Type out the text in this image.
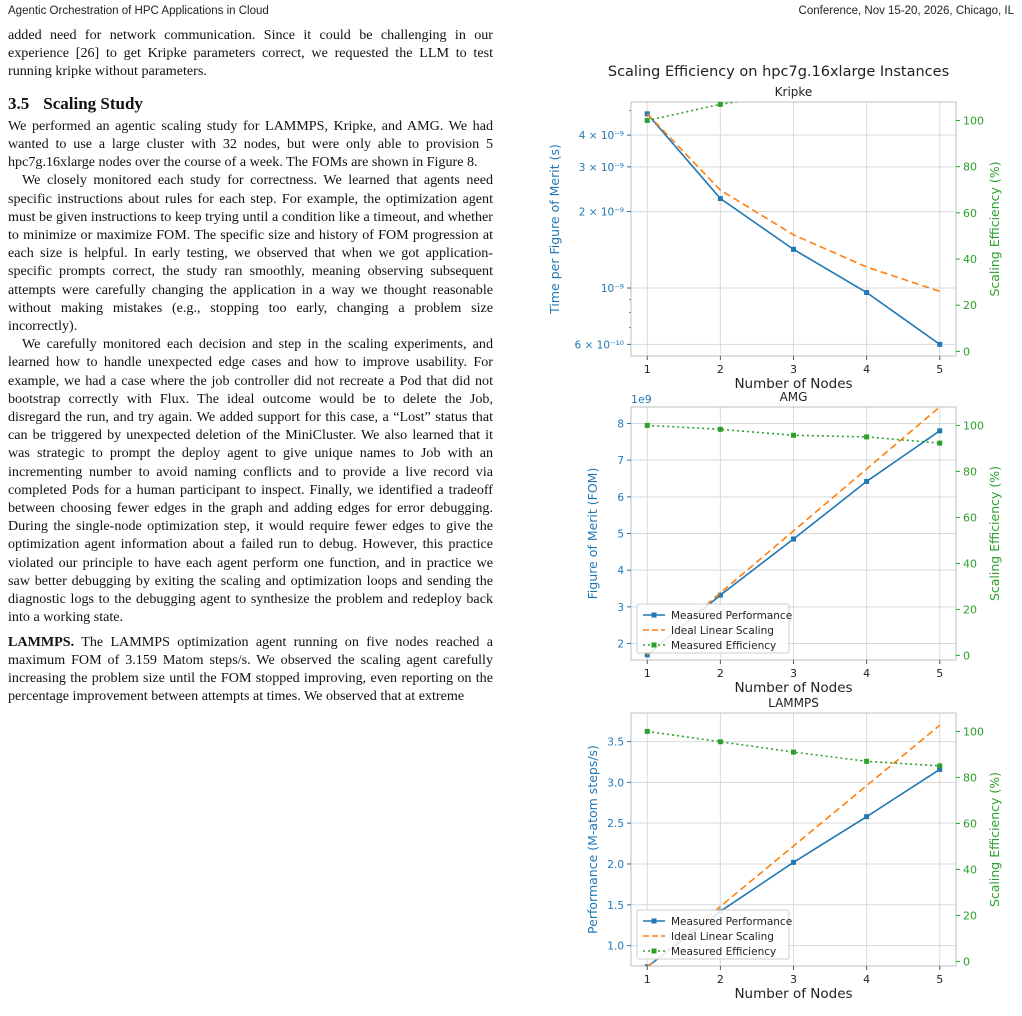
Agentic Orchestration of HPC Applications in Cloud	Conference, Nov 15-20, 2026, Chicago, IL

added need for network communication. Since it could be challenging in our experience [26] to get Kripke parameters correct, we requested the LLM to test running kripke without parameters.

3.5 Scaling Study

We performed an agentic scaling study for LAMMPS, Kripke, and AMG. We had wanted to use a large cluster with 32 nodes, but were only able to provision 5 hpc7g.16xlarge nodes over the course of a week. The FOMs are shown in Figure 8.

We closely monitored each study for correctness. We learned that agents need specific instructions about rules for each step. For example, the optimization agent must be given instructions to keep trying until a condition like a timeout, and whether to minimize or maximize FOM. The specific size and history of FOM progression at each size is helpful. In early testing, we observed that when we got application-specific prompts correct, the study ran smoothly, meaning observing subsequent attempts were carefully changing the application in a way we thought reasonable without making mistakes (e.g., stopping too early, changing a problem size incorrectly).

We carefully monitored each decision and step in the scaling experiments, and learned how to handle unexpected edge cases and how to improve usability. For example, we had a case where the job controller did not recreate a Pod that did not bootstrap correctly with Flux. The ideal outcome would be to delete the Job, disregard the run, and try again. We added support for this case, a “Lost” status that can be triggered by unexpected deletion of the MiniCluster. We also learned that it was strategic to prompt the deploy agent to give unique names to Job with an incrementing number to avoid naming conflicts and to provide a live record via completed Pods for a human participant to inspect. Finally, we identified a tradeoff between choosing fewer edges in the graph and adding edges for error debugging. During the single-node optimization step, it would require fewer edges to give the optimization agent information about a failed run to debug. However, this practice violated our principle to have each agent perform one function, and in practice we saw better debugging by exiting the scaling and optimization loops and sending the diagnostic logs to the debugging agent to synthesize the problem and redeploy back into a working state.

LAMMPS. The LAMMPS optimization agent running on five nodes reached a maximum FOM of 3.159 Matom steps/s. We observed the scaling agent carefully increasing the problem size until the FOM stopped improving, even reporting on the percentage improvement between attempts at times. We observed that at extreme

Scaling Efficiency on hpc7g.16xlarge Instances
Kripke
1	2	3	4	5
Number of Nodes
6 × 10⁻¹⁰
10⁻⁹
2 × 10⁻⁹
3 × 10⁻⁹
4 × 10⁻⁹
Time per Figure of Merit (s)
0
20
40
60
80
100
Scaling Efficiency (%)
AMG
1e9
1	2	3	4	5
Number of Nodes
2
3
4
5
6
7
8
Figure of Merit (FOM)
0
20
40
60
80
100
Scaling Efficiency (%)
Measured Performance
Ideal Linear Scaling
Measured Efficiency
LAMMPS
1	2	3	4	5
Number of Nodes
1.0
1.5
2.0
2.5
3.0
3.5
Performance (M-atom steps/s)
0
20
40
60
80
100
Scaling Efficiency (%)
Measured Performance
Ideal Linear Scaling
Measured Efficiency
